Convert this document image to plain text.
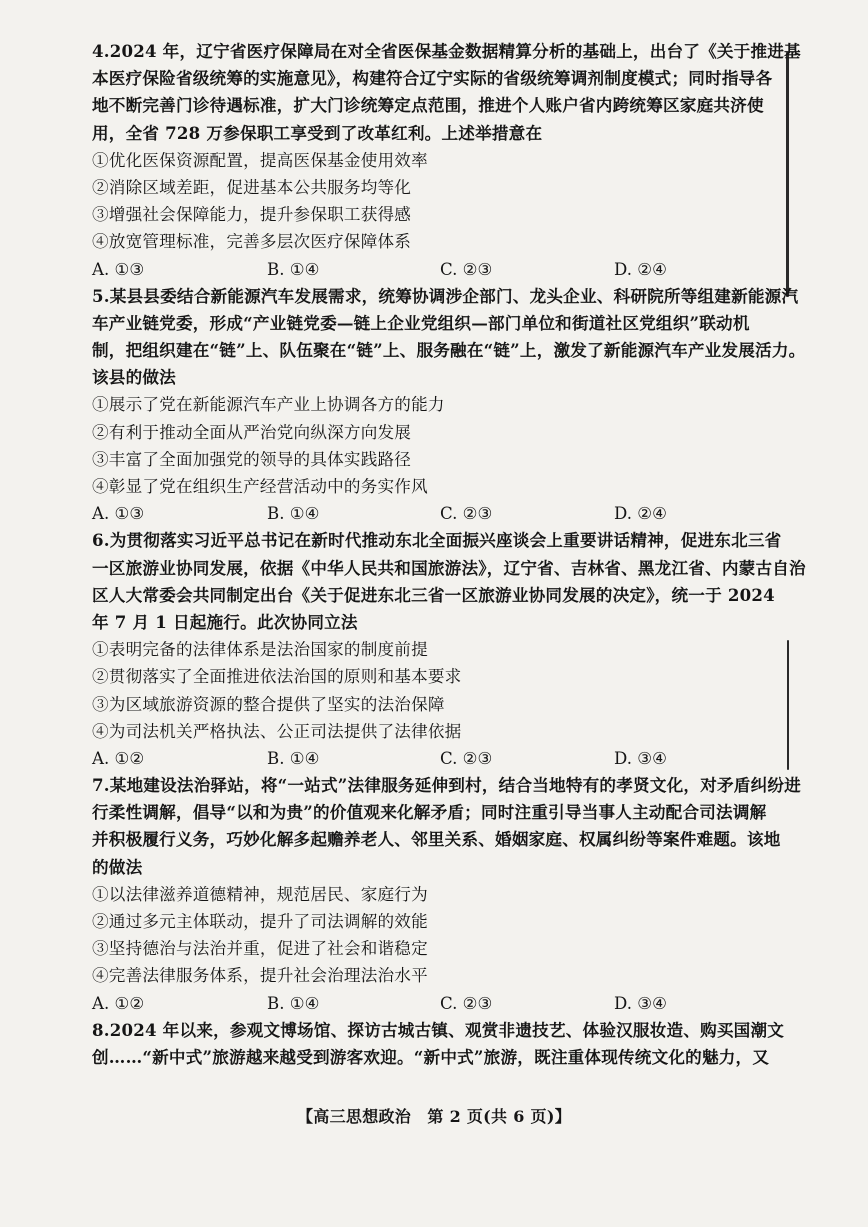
4.2024 年，辽宁省医疗保障局在对全省医保基金数据精算分析的基础上，出台了《关于推进基
本医疗保险省级统筹的实施意见》，构建符合辽宁实际的省级统筹调剂制度模式；同时指导各
地不断完善门诊待遇标准，扩大门诊统筹定点范围，推进个人账户省内跨统筹区家庭共济使
用，全省 728 万参保职工享受到了改革红利。上述举措意在
①优化医保资源配置，提高医保基金使用效率
②消除区域差距，促进基本公共服务均等化
③增强社会保障能力，提升参保职工获得感
④放宽管理标准，完善多层次医疗保障体系
A. ①③	B. ①④	C. ②③	D. ②④
5.某县县委结合新能源汽车发展需求，统筹协调涉企部门、龙头企业、科研院所等组建新能源汽
车产业链党委，形成“产业链党委—链上企业党组织—部门单位和街道社区党组织”联动机
制，把组织建在“链”上、队伍聚在“链”上、服务融在“链”上，激发了新能源汽车产业发展活力。
该县的做法
①展示了党在新能源汽车产业上协调各方的能力
②有利于推动全面从严治党向纵深方向发展
③丰富了全面加强党的领导的具体实践路径
④彰显了党在组织生产经营活动中的务实作风
A. ①③	B. ①④	C. ②③	D. ②④
6.为贯彻落实习近平总书记在新时代推动东北全面振兴座谈会上重要讲话精神，促进东北三省
一区旅游业协同发展，依据《中华人民共和国旅游法》，辽宁省、吉林省、黑龙江省、内蒙古自治
区人大常委会共同制定出台《关于促进东北三省一区旅游业协同发展的决定》，统一于 2024
年 7 月 1 日起施行。此次协同立法
①表明完备的法律体系是法治国家的制度前提
②贯彻落实了全面推进依法治国的原则和基本要求
③为区域旅游资源的整合提供了坚实的法治保障
④为司法机关严格执法、公正司法提供了法律依据
A. ①②	B. ①④	C. ②③	D. ③④
7.某地建设法治驿站，将“一站式”法律服务延伸到村，结合当地特有的孝贤文化，对矛盾纠纷进
行柔性调解，倡导“以和为贵”的价值观来化解矛盾；同时注重引导当事人主动配合司法调解
并积极履行义务，巧妙化解多起赡养老人、邻里关系、婚姻家庭、权属纠纷等案件难题。该地
的做法
①以法律滋养道德精神，规范居民、家庭行为
②通过多元主体联动，提升了司法调解的效能
③坚持德治与法治并重，促进了社会和谐稳定
④完善法律服务体系，提升社会治理法治水平
A. ①②	B. ①④	C. ②③	D. ③④
8.2024 年以来，参观文博场馆、探访古城古镇、观赏非遗技艺、体验汉服妆造、购买国潮文
创……“新中式”旅游越来越受到游客欢迎。“新中式”旅游，既注重体现传统文化的魅力，又
【高三思想政治　第 2 页(共 6 页)】
